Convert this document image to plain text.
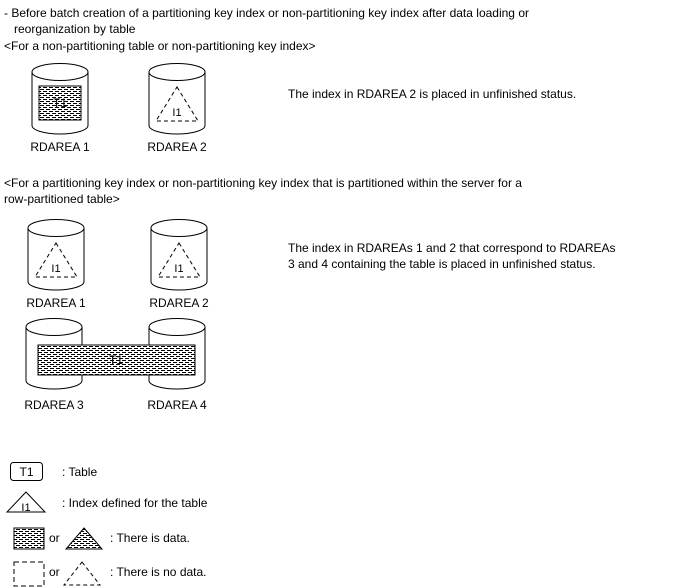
- Before batch creation of a partitioning key index or non-partitioning key index after data loading or
reorganization by table
<For a non-partitioning table or non-partitioning key index>
T1
I1
RDAREA 1	RDAREA 2
The index in RDAREA 2 is placed in unfinished status.
<For a partitioning key index or non-partitioning key index that is partitioned within the server for a
row-partitioned table>
I1	I1
RDAREA 1	RDAREA 2
The index in RDAREAs 1 and 2 that correspond to RDAREAs
3 and 4 containing the table is placed in unfinished status.
T1
RDAREA 3	RDAREA 4
T1 : Table
I1	: Index defined for the table
or	: There is data.
or	: There is no data.
